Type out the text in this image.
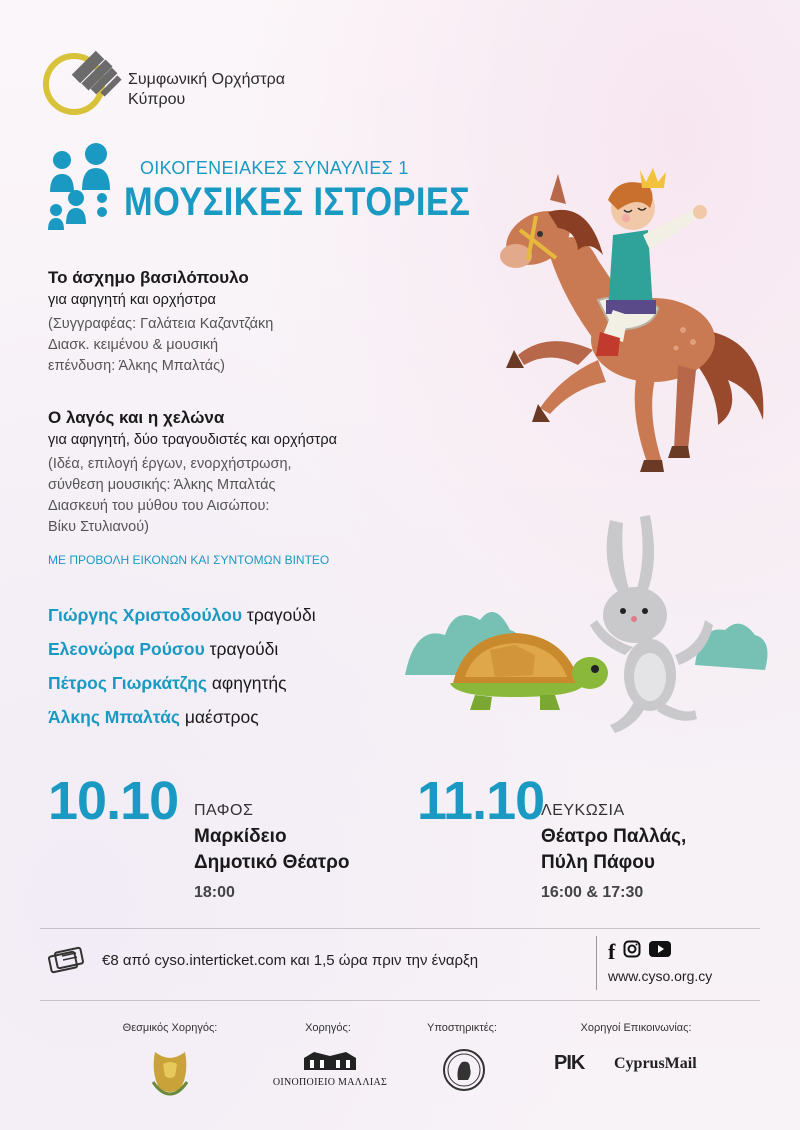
Συμφωνική Ορχήστρα
Κύπρου
ΟΙΚΟΓΕΝΕΙΑΚΕΣ ΣΥΝΑΥΛΙΕΣ 1
ΜΟΥΣΙΚΕΣ ΙΣΤΟΡΙΕΣ
Το άσχημο βασιλόπουλο
για αφηγητή και ορχήστρα
(Συγγραφέας: Γαλάτεια Καζαντζάκη
Διασκ. κειμένου & μουσική
επένδυση: Άλκης Μπαλτάς)
Ο λαγός και η χελώνα
για αφηγητή, δύο τραγουδιστές και ορχήστρα
(Ιδέα, επιλογή έργων, ενορχήστρωση,
σύνθεση μουσικής: Άλκης Μπαλτάς
Διασκευή του μύθου του Αισώπου:
Βίκυ Στυλιανού)
ΜΕ ΠΡΟΒΟΛΗ ΕΙΚΟΝΩΝ ΚΑΙ ΣΥΝΤΟΜΩΝ ΒΙΝΤΕΟ
Γιώργης Χριστοδούλου τραγούδι
Ελεονώρα Ρούσου τραγούδι
Πέτρος Γιωρκάτζης αφηγητής
Άλκης Μπαλτάς μαέστρος
10.10 ΠΑΦΟΣ
Μαρκίδειο
Δημοτικό Θέατρο
18:00
11.10
ΛΕΥΚΩΣΙΑ
Θέατρο Παλλάς,
Πύλη Πάφου
16:00 & 17:30
€8 από cyso.interticket.com και 1,5 ώρα πριν την έναρξη	f
www.cyso.org.cy
Θεσμικός Χορηγός:	Χορηγός:	Υποστηρικτές:	Χορηγοί Επικοινωνίας:
ΟΙΝΟΠΟΙΕΙΟ ΜΑΛΛΙΑΣ
ΡΙΚ CyprusMail
